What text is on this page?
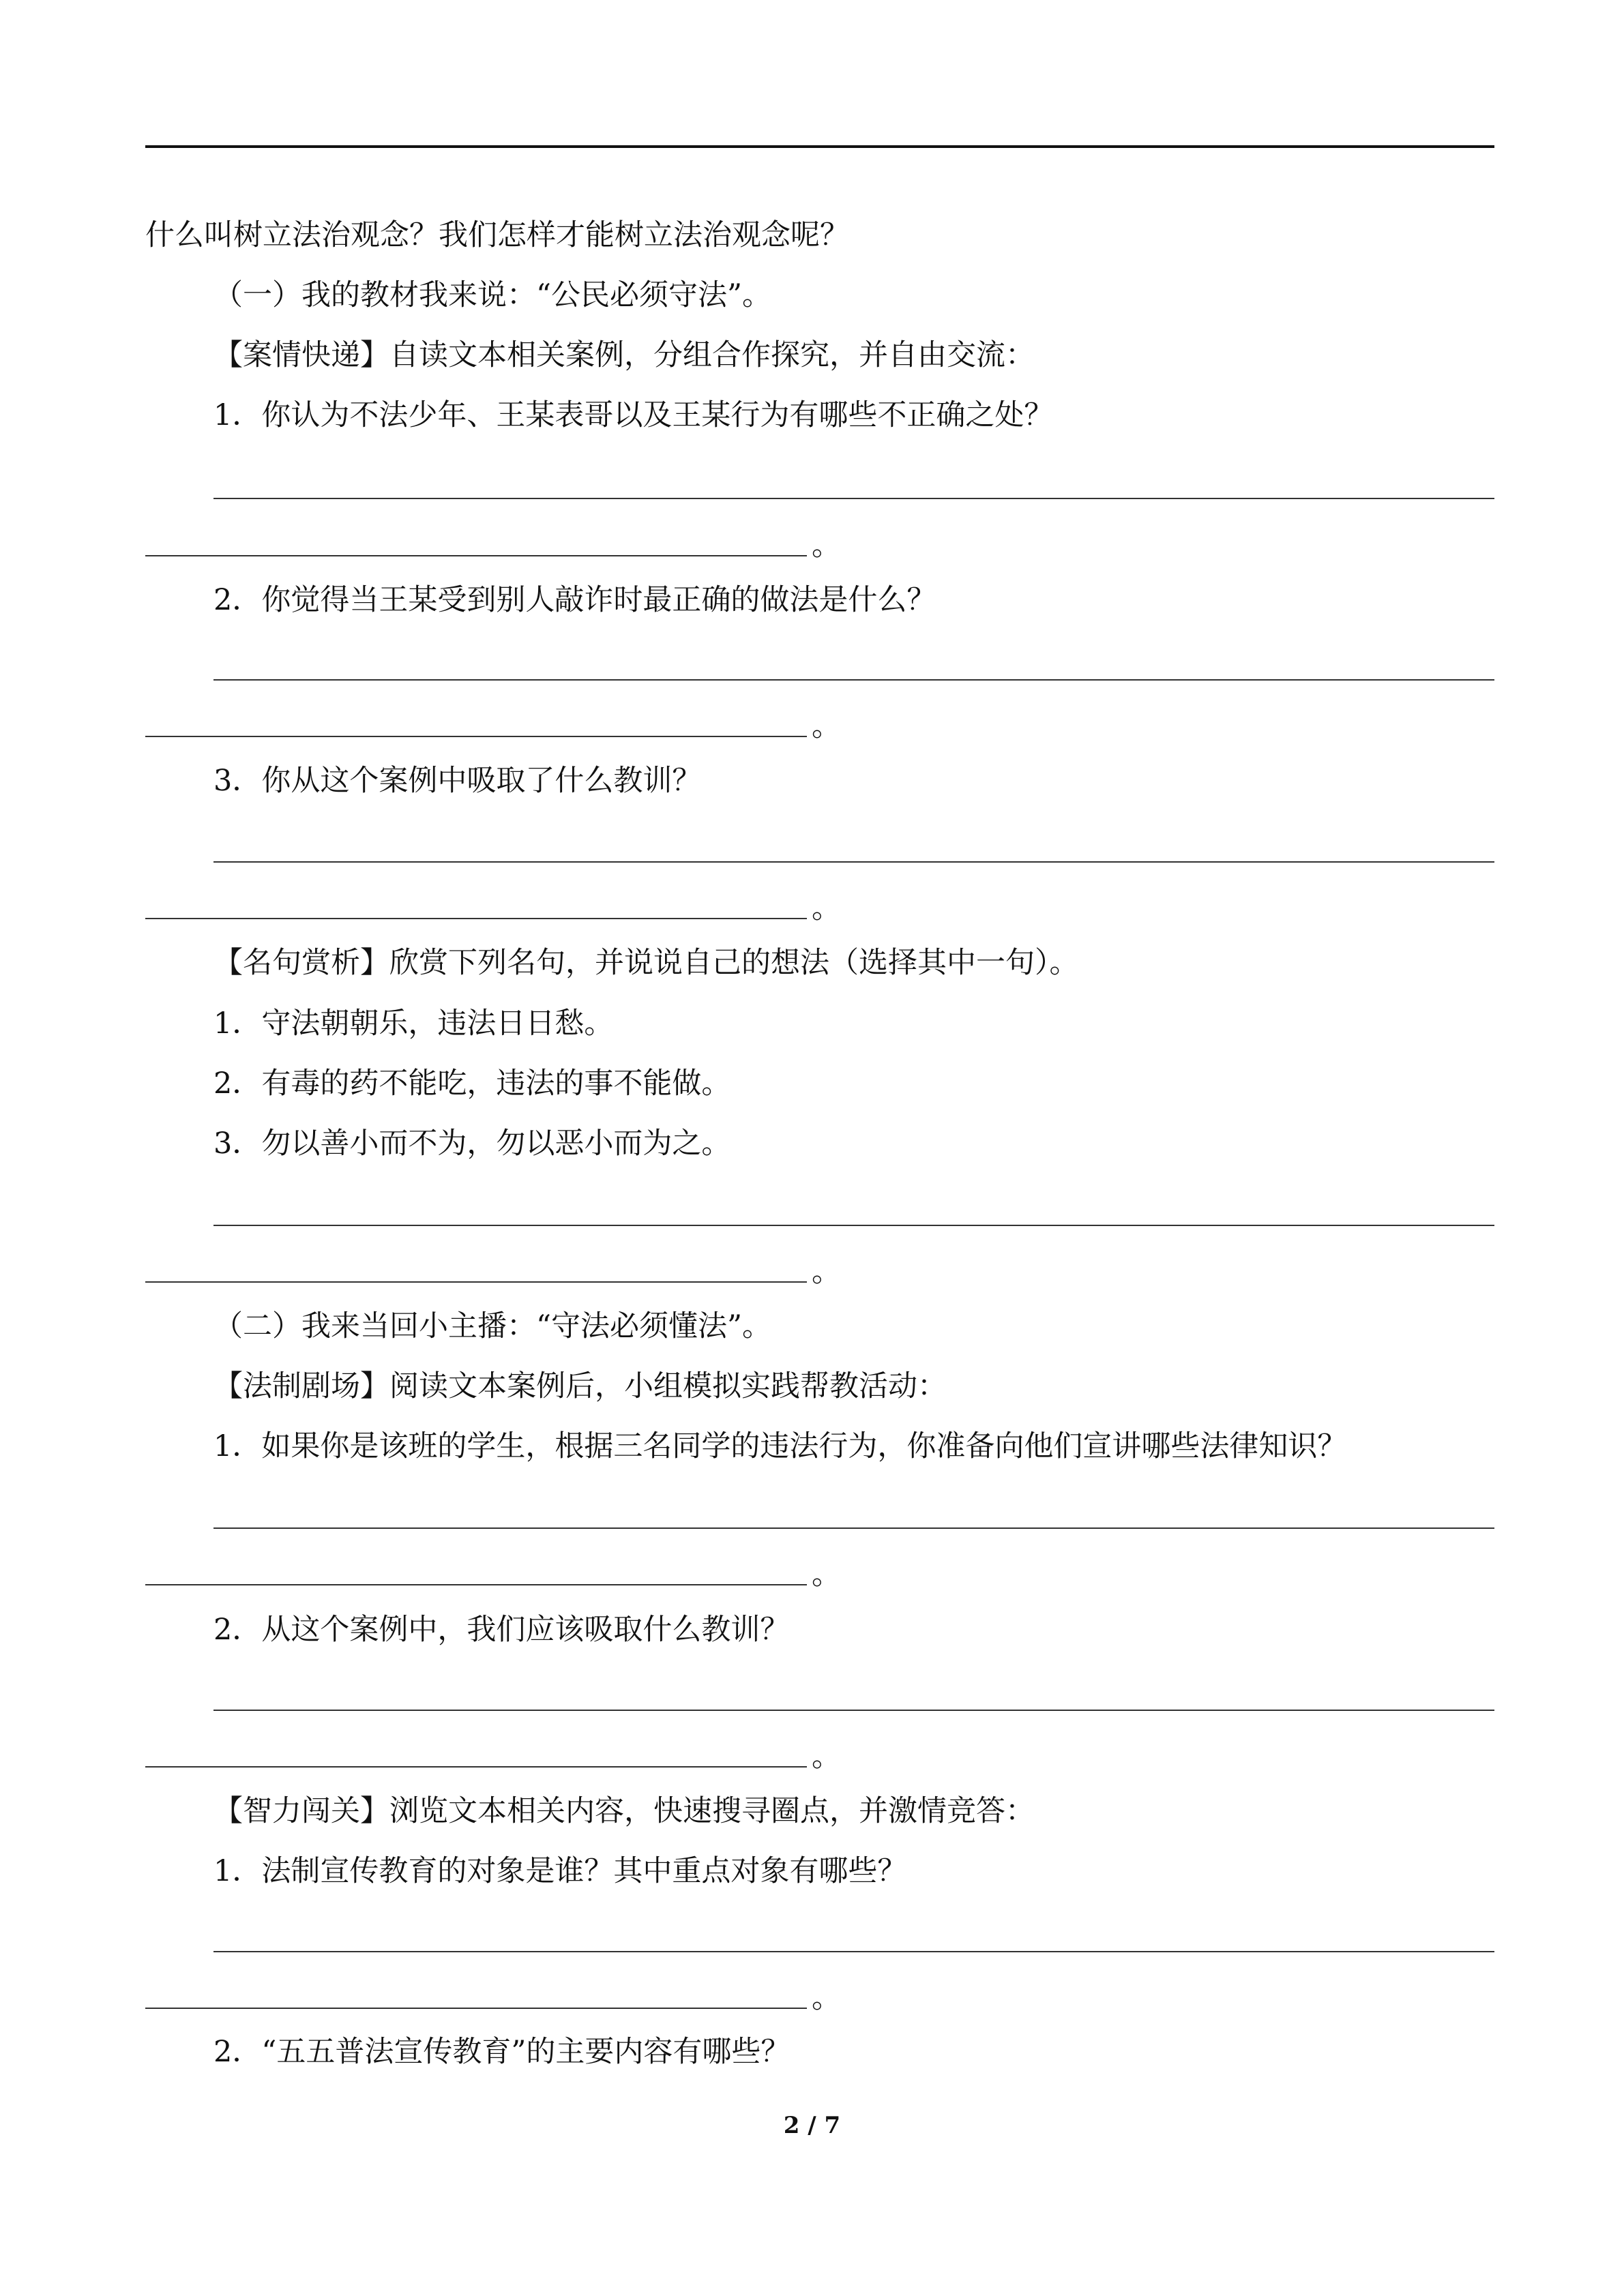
什么叫树立法治观念？我们怎样才能树立法治观念呢？
（一）我的教材我来说：“公民必须守法”。
【案情快递】自读文本相关案例，分组合作探究，并自由交流：
1．你认为不法少年、王某表哥以及王某行为有哪些不正确之处？
。
2．你觉得当王某受到别人敲诈时最正确的做法是什么？
。
3．你从这个案例中吸取了什么教训？
。
【名句赏析】欣赏下列名句，并说说自己的想法（选择其中一句）。
1．守法朝朝乐，违法日日愁。
2．有毒的药不能吃，违法的事不能做。
3．勿以善小而不为，勿以恶小而为之。
。
（二）我来当回小主播：“守法必须懂法”。
【法制剧场】阅读文本案例后，小组模拟实践帮教活动：
1．如果你是该班的学生，根据三名同学的违法行为，你准备向他们宣讲哪些法律知识？
。
2．从这个案例中，我们应该吸取什么教训？
。
【智力闯关】浏览文本相关内容，快速搜寻圈点，并激情竞答：
1．法制宣传教育的对象是谁？其中重点对象有哪些？
。
2．“五五普法宣传教育”的主要内容有哪些？
2 / 7
